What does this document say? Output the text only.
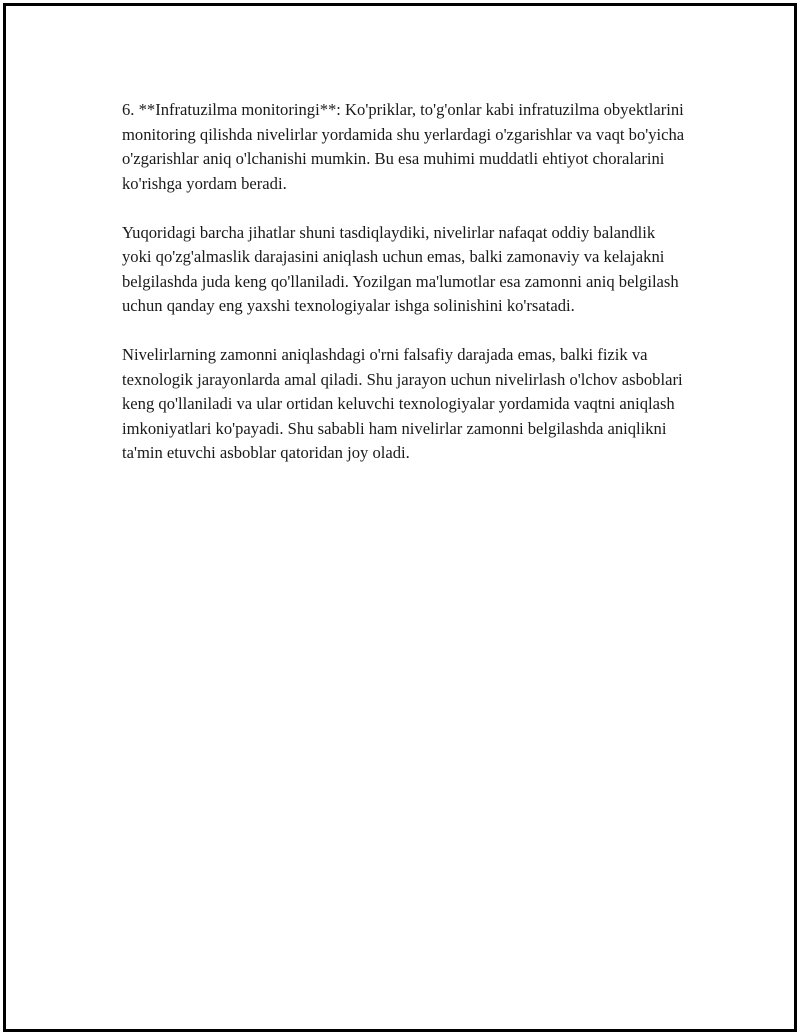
6. **Infratuzilma monitoringi**: Ko'priklar, to'g'onlar kabi infratuzilma obyektlarini monitoring qilishda nivelirlar yordamida shu yerlardagi o'zgarishlar va vaqt bo'yicha o'zgarishlar aniq o'lchanishi mumkin. Bu esa muhimi muddatli ehtiyot choralarini ko'rishga yordam beradi.

Yuqoridagi barcha jihatlar shuni tasdiqlaydiki, nivelirlar nafaqat oddiy balandlik yoki qo'zg'almaslik darajasini aniqlash uchun emas, balki zamonaviy va kelajakni belgilashda juda keng qo'llaniladi. Yozilgan ma'lumotlar esa zamonni aniq belgilash uchun qanday eng yaxshi texnologiyalar ishga solinishini ko'rsatadi.

Nivelirlarning zamonni aniqlashdagi o'rni falsafiy darajada emas, balki fizik va texnologik jarayonlarda amal qiladi. Shu jarayon uchun nivelirlash o'lchov asboblari keng qo'llaniladi va ular ortidan keluvchi texnologiyalar yordamida vaqtni aniqlash imkoniyatlari ko'payadi. Shu sababli ham nivelirlar zamonni belgilashda aniqlikni ta'min etuvchi asboblar qatoridan joy oladi.
